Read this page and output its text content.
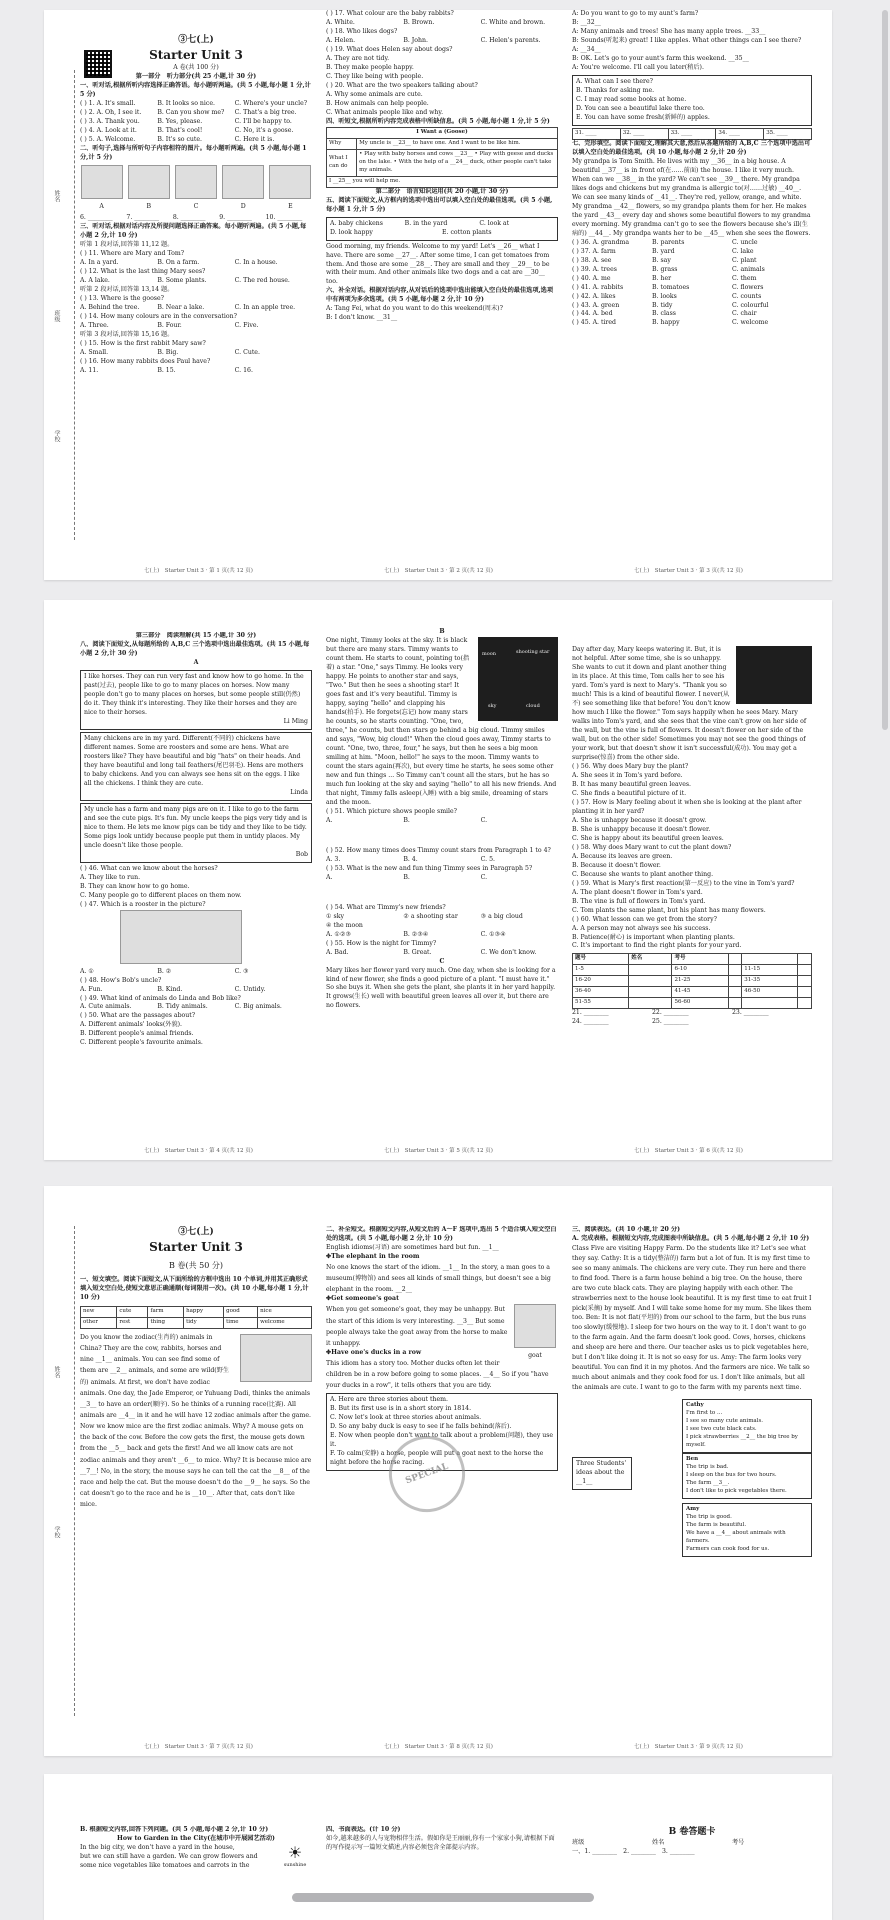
姓名
班级
学校

③七(上)

Starter Unit 3

A 卷(共 100 分)

第一部分　听力部分(共 25 小题,计 30 分)

一、听对话,根据所听内容选择正确答语。每小题听两遍。(共 5 小题,每小题 1 分,计 5 分)

( ) 1. A. It's small.	B. It looks so nice.	C. Where's your uncle?
( ) 2. A. Oh, I see it.	B. Can you show me?	C. That's a big tree.
( ) 3. A. Thank you.	B. Yes, please.	C. I'll be happy to.
( ) 4. A. Look at it.	B. That's cool!	C. No, it's a goose.
( ) 5. A. Welcome.	B. It's so cute.	C. Here it is.

二、听句子,选择与所听句子内容相符的图片。每小题听两遍。(共 5 小题,每小题 1 分,计 5 分)

A	B	C	D	E
6. ________	7. ________	8. ________	9. ________	10. ________

三、听对话,根据对话内容及所提问题选择正确答案。每小题听两遍。(共 5 小题,每小题 2 分,计 10 分)

听第 1 段对话,回答第 11,12 题。

( ) 11. Where are Mary and Tom?

A. In a yard.	B. On a farm.	C. In a house.

( ) 12. What is the last thing Mary sees?

A. A lake.	B. Some plants.	C. The red house.

听第 2 段对话,回答第 13,14 题。

( ) 13. Where is the goose?

A. Behind the tree.	B. Near a lake.	C. In an apple tree.

( ) 14. How many colours are in the conversation?

A. Three.	B. Four.	C. Five.

听第 3 段对话,回答第 15,16 题。

( ) 15. How is the first rabbit Mary saw?

A. Small.	B. Big.	C. Cute.

( ) 16. How many rabbits does Paul have?

A. 11.	B. 15.	C. 16.
七(上)　Starter Unit 3 · 第 1 页(共 12 页)

( ) 17. What colour are the baby rabbits?

A. White.	B. Brown.	C. White and brown.

( ) 18. Who likes dogs?

A. Helen.	B. John.	C. Helen's parents.

( ) 19. What does Helen say about dogs?

A. They are not tidy.

B. They make people happy.

C. They like being with people.

( ) 20. What are the two speakers talking about?

A. Why some animals are cute.

B. How animals can help people.

C. What animals people like and why.

四、听短文,根据所听内容完成表格中所缺信息。(共 5 小题,每小题 1 分,计 5 分)

I Want a (Goose)	
Why	My uncle is __23__ to have one. And I want to be like him.
What I can do	• Play with baby horses and cows __23__ • Play with geese and ducks on the lake. • With the help of a __24__ duck, other people can't take my animals.
I __25__ you will help me.	

第二部分　语言知识运用(共 20 小题,计 30 分)

五、阅读下面短文,从方框内的选项中选出可以填入空白处的最佳选项。(共 5 小题,每小题 1 分,计 5 分)

A. baby chickens	B. in the yard	C. look at
D. look happy	E. cotton plants

Good morning, my friends. Welcome to my yard! Let's __26__ what I have. There are some __27__. After some time, I can get tomatoes from them. And those are some __28__. They are small and they __29__ to be with their mum. And other animals like two dogs and a cat are __30__ too.

六、补全对话。根据对话内容,从对话后的选项中选出能填入空白处的最佳选项,选项中有两项为多余选项。(共 5 小题,每小题 2 分,计 10 分)

A: Tang Fei, what do you want to do this weekend(周末)?

B: I don't know. __31__

七(上)　Starter Unit 3 · 第 2 页(共 12 页)

A: Do you want to go to my aunt's farm?

B: __32__

A: Many animals and trees! She has many apple trees. __33__

B: Sounds(听起来) great! I like apples. What other things can I see there?

A: __34__

B: OK. Let's go to your aunt's farm this weekend. __35__

A: You're welcome. I'll call you later(稍后).

A. What can I see there?

B. Thanks for asking me.

C. I may read some books at home.

D. You can see a beautiful lake there too.

E. You can have some fresh(新鲜的) apples.

31. ____	32. ____	33. ____	34. ____	35. ____

七、完形填空。阅读下面短文,理解其大意,然后从各题所给的 A,B,C 三个选项中选出可以填入空白处的最佳选项。(共 10 小题,每小题 2 分,计 20 分)

My grandpa is Tom Smith. He lives with my __36__ in a big house. A beautiful __37__ is in front of(在……前面) the house. I like it very much. When can we __38__ in the yard? We can't see __39__ there. My grandpa likes dogs and chickens but my grandma is allergic to(对……过敏) __40__. We can see many kinds of __41__. They're red, yellow, orange, and white. My grandma __42__ flowers, so my grandpa plants them for her. He makes the yard __43__ every day and shows some beautiful flowers to my grandma every morning. My grandma can't go to see the flowers because she's ill(生病的) __44__. My grandpa wants her to be __45__ when she sees the flowers.

( ) 36. A. grandma	B. parents	C. uncle
( ) 37. A. farm	B. yard	C. lake
( ) 38. A. see	B. say	C. plant
( ) 39. A. trees	B. grass	C. animals
( ) 40. A. me	B. her	C. them
( ) 41. A. rabbits	B. tomatoes	C. flowers
( ) 42. A. likes	B. looks	C. counts
( ) 43. A. green	B. tidy	C. colourful
( ) 44. A. bed	B. class	C. chair
( ) 45. A. tired	B. happy	C. welcome
七(上)　Starter Unit 3 · 第 3 页(共 12 页)

第三部分　阅读理解(共 15 小题,计 30 分)

八、阅读下面短文,从每题所给的 A,B,C 三个选项中选出最佳选项。(共 15 小题,每小题 2 分,计 30 分)

A

I like horses. They can run very fast and know how to go home. In the past(过去), people like to go to many places on horses. Now many people don't go to many places on horses, but some people still(仍然) do it. They think it's interesting. They like their horses and they are nice to their horses.

Li Ming

Many chickens are in my yard. Different(不同的) chickens have different names. Some are roosters and some are hens. What are roosters like? They have beautiful and big "hats" on their heads. And they have beautiful and long tail feathers(尾巴羽毛). Hens are mothers to baby chickens. And you can always see hens sit on the eggs. I like all the chickens. I think they are cute.

Linda

My uncle has a farm and many pigs are on it. I like to go to the farm and see the cute pigs. It's fun. My uncle keeps the pigs very tidy and is nice to them. He lets me know pigs can be tidy and they like to be tidy. Some pigs look untidy because people put them in untidy places. My uncle doesn't like those people.

Bob

( ) 46. What can we know about the horses?

A. They like to run.

B. They can know how to go home.

C. Many people go to different places on them now.

( ) 47. Which is a rooster in the picture?

A. ①	B. ②	C. ③

( ) 48. How's Bob's uncle?

A. Fun.	B. Kind.	C. Untidy.

( ) 49. What kind of animals do Linda and Bob like?

A. Cute animals.	B. Tidy animals.	C. Big animals.

( ) 50. What are the passages about?

A. Different animals' looks(外貌).

B. Different people's animal friends.

C. Different people's favourite animals.

七(上)　Starter Unit 3 · 第 4 页(共 12 页)

B

moon	shooting star
sky	cloud

One night, Timmy looks at the sky. It is black but there are many stars. Timmy wants to count them. He starts to count, pointing to(指着) a star. "One," says Timmy. He looks very happy. He points to another star and says, "Two." But then he sees a shooting star! It goes fast and it's very beautiful. Timmy is happy, saying "hello" and clapping his hands(拍手). He forgets(忘记) how many stars he counts, so he starts counting. "One, two, three," he counts, but then stars go behind a big cloud. Timmy smiles and says, "Wow, big cloud!" When the cloud goes away, Timmy starts to count. "One, two, three, four," he says, but then he sees a big moon smiling at him. "Moon, hello!" he says to the moon. Timmy wants to count the stars again(再次), but every time he starts, he sees some other new and fun things ... So Timmy can't count all the stars, but he has so much fun looking at the sky and saying "hello" to all his new friends. And that night, Timmy falls asleep(入睡) with a big smile, dreaming of stars and the moon.

( ) 51. Which picture shows people smile?

A.	B.	C.

( ) 52. How many times does Timmy count stars from Paragraph 1 to 4?

A. 3.	B. 4.	C. 5.

( ) 53. What is the new and fun thing Timmy sees in Paragraph 5?

A.	B.	C.

( ) 54. What are Timmy's new friends?

① sky	② a shooting star	③ a big cloud

④ the moon

A. ①②③	B. ②③④	C. ①③④

( ) 55. How is the night for Timmy?

A. Bad.	B. Great.	C. We don't know.

C

Mary likes her flower yard very much. One day, when she is looking for a kind of new flower, she finds a good picture of a plant. "I must have it." So she buys it. When she gets the plant, she plants it in her yard happily. It grows(生长) well with beautiful green leaves all over it, but there are no flowers.

七(上)　Starter Unit 3 · 第 5 页(共 12 页)

Day after day, Mary keeps watering it. But, it is not helpful. After some time, she is so unhappy. She wants to cut it down and plant another thing in its place. At this time, Tom calls her to see his yard. Tom's yard is next to Mary's. "Thank you so much! This is a kind of beautiful flower. I never(从不) see something like that before! You don't know how much I like the flower." Tom says happily when he sees Mary. Mary walks into Tom's yard, and she sees that the vine can't grow on her side of the wall, but the vine is full of flowers. It doesn't flower on her side of the wall, but on the other side! Sometimes you may not see the good things of your work, but that doesn't show it isn't successful(成功). You may get a surprise(惊喜) from the other side.

( ) 56. Why does Mary buy the plant?

A. She sees it in Tom's yard before.

B. It has many beautiful green leaves.

C. She finds a beautiful picture of it.

( ) 57. How is Mary feeling about it when she is looking at the plant after planting it in her yard?

A. She is unhappy because it doesn't grow.

B. She is unhappy because it doesn't flower.

C. She is happy about its beautiful green leaves.

( ) 58. Why does Mary want to cut the plant down?

A. Because its leaves are green.

B. Because it doesn't flower.

C. Because she wants to plant another thing.

( ) 59. What is Mary's first reaction(第一反应) to the vine in Tom's yard?

A. The plant doesn't flower in Tom's yard.

B. The vine is full of flowers in Tom's yard.

C. Tom plants the same plant, but his plant has many flowers.

( ) 60. What lesson can we get from the story?

A. A person may not always see his success.

B. Patience(耐心) is important when planting plants.

C. It's important to find the right plants for your yard.

题号	姓名	考号			
1-5		6-10		11-15	
16-20		21-25		31-35	
36-40		41-45		46-50	
51-55		56-60			
21. ________	22. ________	23. ________
24. ________	25. ________
七(上)　Starter Unit 3 · 第 6 页(共 12 页)
姓名
学校

③七(上)

Starter Unit 3

B 卷(共 50 分)

一、短文填空。阅读下面短文,从下面所给的方框中选出 10 个单词,并用其正确形式填入短文空白处,使短文意思正确通顺(每词限用一次)。(共 10 小题,每小题 1 分,计 10 分)

new	cute	farm	happy	good	nice
other	rest	thing	tidy	time	welcome

Do you know the zodiac(生肖的) animals in China? They are the cow, rabbits, horses and nine __1__ animals. You can see find some of them are __2__ animals, and some are wild(野生的) animals. At first, we don't have zodiac animals. One day, the Jade Emperor, or Yuhuang Dadi, thinks the animals __3__ to have an order(顺序). So he thinks of a running race(比赛). All animals are __4__ in it and he will have 12 zodiac animals after the game. Now we know mice are the first zodiac animals. Why? A mouse gets on the back of the cow. Before the cow gets the first, the mouse gets down from the __5__ back and gets the first! And we all know cats are not zodiac animals and they aren't __6__ to mice. Why? It is because mice are __7__! No, in the story, the mouse says he can tell the cat the __8__ of the race and help the cat. But the mouse doesn't do the __9__ he says. So the cat doesn't go to the race and he is __10__. After that, cats don't like mice.

七(上)　Starter Unit 3 · 第 7 页(共 12 页)

二、补全短文。根据短文内容,从短文后的 A～F 选项中,选出 5 个适合填入短文空白处的选项。(共 5 小题,每小题 2 分,计 10 分)

English idioms(习语) are sometimes hard but fun. __1__

✤The elephant in the room

No one knows the start of the idiom. __1__ In the story, a man goes to a museum(博物馆) and sees all kinds of small things, but doesn't see a big elephant in the room. __2__

✤Get someone's goat

goat

When you get someone's goat, they may be unhappy. But the start of this idiom is very interesting. __3__ But some people always take the goat away from the horse to make it unhappy.

✤Have one's ducks in a row

This idiom has a story too. Mother ducks often let their children be in a row before going to some places. __4__ So if you "have your ducks in a row", it tells others that you are tidy.

A. Here are three stories about them.

B. But its first use is in a short story in 1814.

C. Now let's look at three stories about animals.

D. So any baby duck is easy to see if he falls behind(落后).

E. Now when people don't want to talk about a problem(问题), they use it.

F. To calm(安静) a horse, people will put a goat next to the horse the night before the horse racing.

SPECIAL
七(上)　Starter Unit 3 · 第 8 页(共 12 页)

三、阅读表达。(共 10 小题,计 20 分)

A. 完成表格。根据短文内容,完成图表中所缺信息。(共 5 小题,每小题 2 分,计 10 分)

Class Five are visiting Happy Farm. Do the students like it? Let's see what they say. Cathy: It is a tidy(整洁的) farm but a lot of fun. It is my first time to see so many animals. The chickens are very cute. They run here and there to find food. There is a farm house behind a big tree. On the house, there are two cute black cats. They are playing happily with each other. The strawberries next to the house look beautiful. It is my first time to eat fruit I pick(采摘) by myself. And I will take some home for my mum. She likes them too. Ben: It is not flat(平坦的) from our school to the farm, but the bus runs too slowly(缓慢地). I sleep for two hours on the way to it. I don't want to go to the farm again. And the farm doesn't look good. Cows, horses, chickens and sheep are here and there. Our teacher asks us to pick vegetables here, but I don't like doing it. It is not so easy for us. Amy: The farm looks very beautiful. You can find it in my photos. And the farmers are nice. We talk so much about animals and they cook food for us. I don't like animals, but all the animals are cute. I want to go to the farm with my parents next time.

Three Students' ideas about the __1__

Cathy

I'm first to ...

I see so many cute animals.

I see two cute black cats.

I pick strawberries __2__ the big tree by myself.

Ben

The trip is bad.

I sleep on the bus for two hours.

The farm __3__.

I don't like to pick vegetables there.

Amy

The trip is good.

The farm is beautiful.

We have a __4__ about animals with farmers.

Farmers can cook food for us.

七(上)　Starter Unit 3 · 第 9 页(共 12 页)

B. 根据短文内容,回答下列问题。(共 5 小题,每小题 2 分,计 10 分)

How to Garden in the City(在城市中开展园艺活动)

☀
sunshine

In the big city, we don't have a yard in the house,

but we can still have a garden. We can grow flowers and

some nice vegetables like tomatoes and carrots in the

四、书面表达。(计 10 分)

如今,越来越多的人与宠物相伴生活。假如你是王丽丽,你有一个家家小狗,请根据下面的写作提示写一篇短文描述,内容必须包含全部提示内容。

B 卷答题卡

班级	姓名	考号

一、1. ________　2. ________　3. ________
